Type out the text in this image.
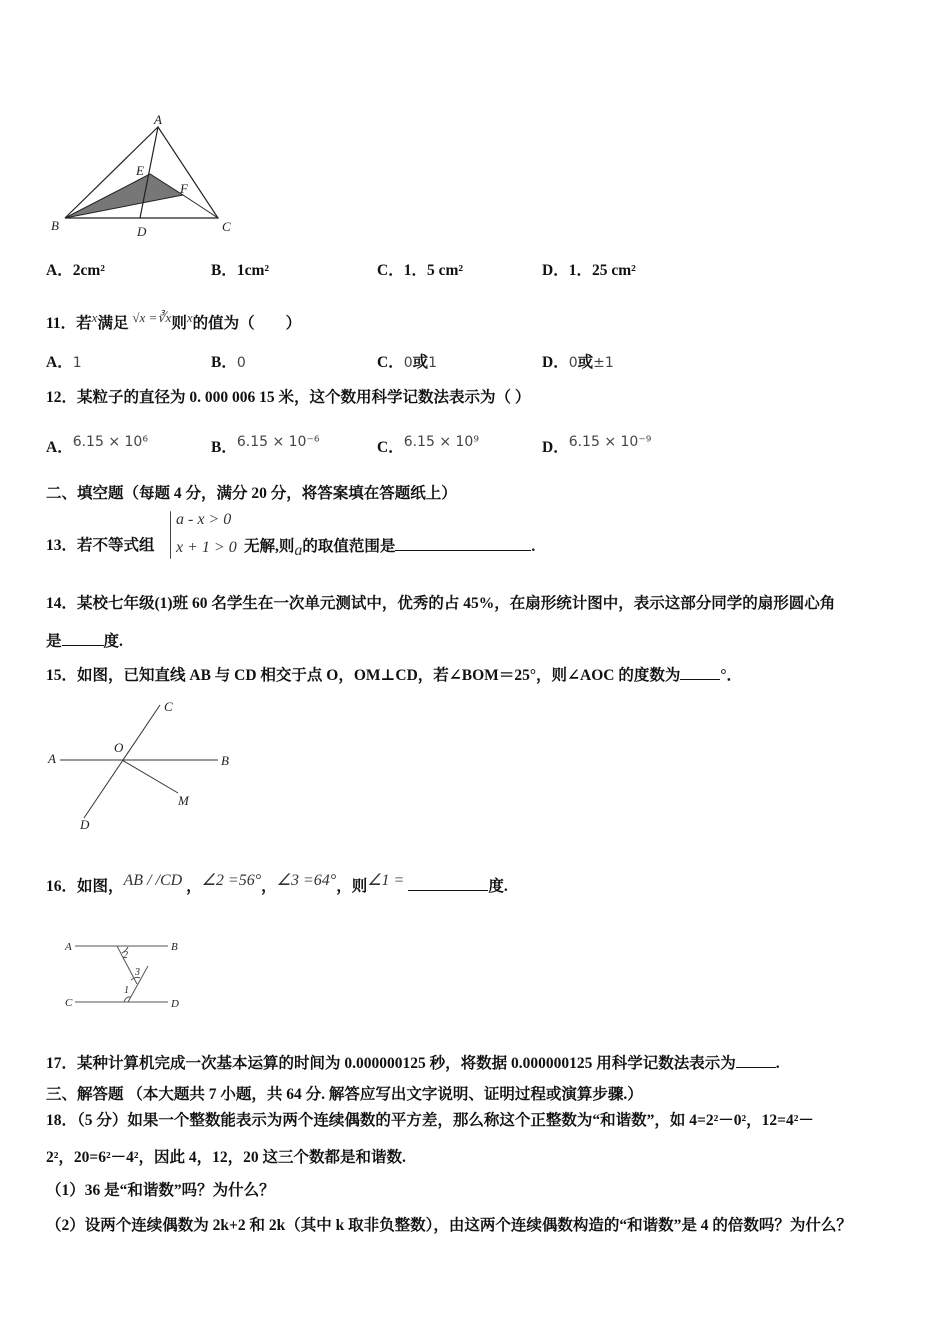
A
E
F
B	D	C
A．2cm²	B．1cm²	C．1．5 cm²	D．1．25 cm²
11．若$^x$满足 $^{√x =∛x}$则$^x$的值为（　　）
A．1	B．0	C．0或1	D．0或±1
12．某粒子的直径为 0. 000 006 15 米，这个数用科学记数法表示为（ ）
A．$^{6.15 \times 10^6}$	B．$^{6.15 \times 10^{-6}}$	C．$^{6.15 \times 10^9}$	D．$^{6.15 \times 10^{-9}}$
二、填空题（每题 4 分，满分 20 分，将答案填在答题纸上）
13．若不等式组
a - x > 0
x + 1 > 0 无解,则$_a$的取值范围是	.
14．某校七年级(1)班 60 名学生在一次单元测试中，优秀的占 45%，在扇形统计图中，表示这部分同学的扇形圆心角
是	度.
15．如图，已知直线 AB 与 CD 相交于点 O，OM⊥CD，若∠BOM＝25°，则∠AOC 的度数为	°．
A	B
C
D
O
M
16．如图，$^{AB / /CD}$ ，$^{\angle 2 =56^\circ}$，$^{\angle 3 =64^\circ}$，则$^{\angle 1 =}$	度.
A	B
C	D
2
3
1
17．某种计算机完成一次基本运算的时间为 0.000000125 秒，将数据 0.000000125 用科学记数法表示为	.
三、解答题 （本大题共 7 小题，共 64 分. 解答应写出文字说明、证明过程或演算步骤.）
18．（5 分）如果一个整数能表示为两个连续偶数的平方差，那么称这个正整数为“和谐数”，如 4=2²－0²，12=4²－
2²，20=6²－4²，因此 4，12，20 这三个数都是和谐数.
（1）36 是“和谐数”吗？为什么？
（2）设两个连续偶数为 2k+2 和 2k（其中 k 取非负整数），由这两个连续偶数构造的“和谐数”是 4 的倍数吗？为什么？
